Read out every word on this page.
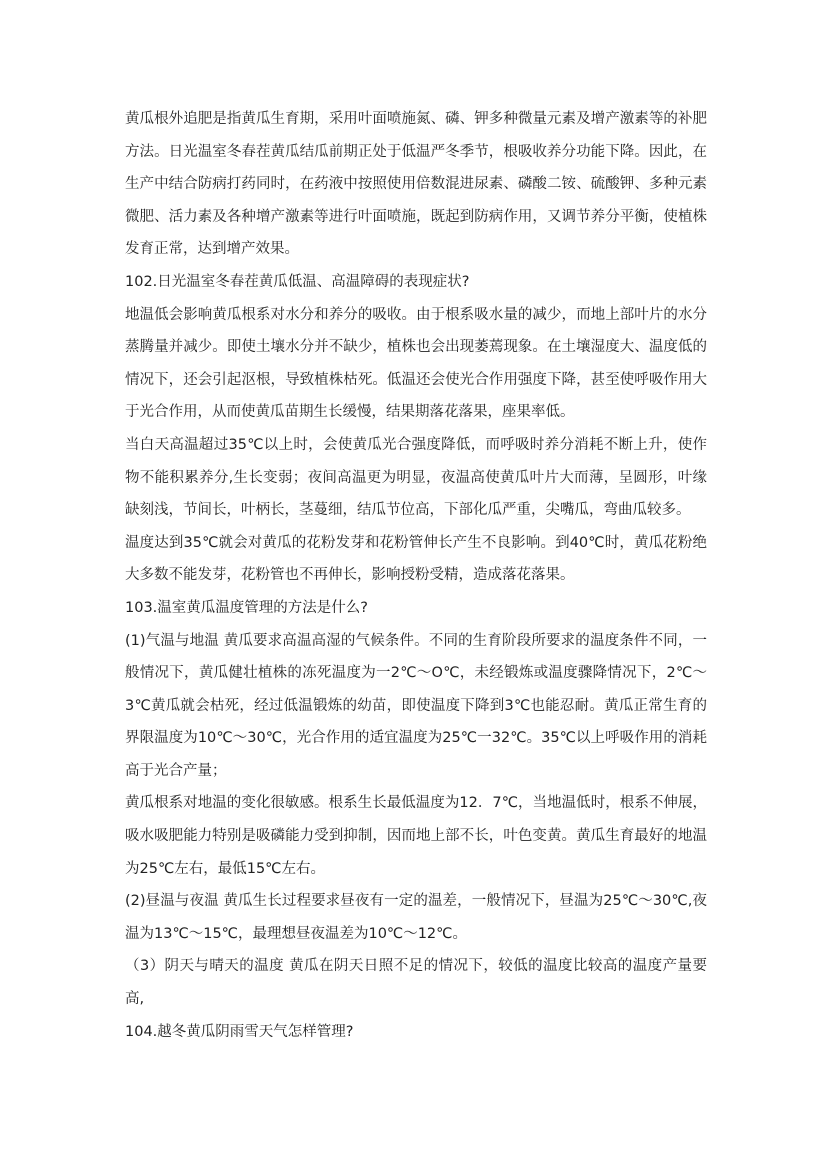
黄瓜根外追肥是指黄瓜生育期，采用叶面喷施氮、磷、钾多种微量元素及增产激素等的补肥方法。日光温室冬春茬黄瓜结瓜前期正处于低温严冬季节，根吸收养分功能下降。因此，在生产中结合防病打药同时，在药液中按照使用倍数混进尿素、磷酸二铵、硫酸钾、多种元素微肥、活力素及各种增产激素等进行叶面喷施，既起到防病作用，又调节养分平衡，使植株发育正常，达到增产效果。

102.日光温室冬春茬黄瓜低温、高温障碍的表现症状?

地温低会影响黄瓜根系对水分和养分的吸收。由于根系吸水量的减少，而地上部叶片的水分蒸腾量并减少。即使土壤水分并不缺少，植株也会出现萎蔫现象。在土壤湿度大、温度低的情况下，还会引起沤根，导致植株枯死。低温还会使光合作用强度下降，甚至使呼吸作用大于光合作用，从而使黄瓜苗期生长缓慢，结果期落花落果，座果率低。

当白天高温超过35℃以上时，会使黄瓜光合强度降低，而呼吸时养分消耗不断上升，使作物不能积累养分,生长变弱；夜间高温更为明显，夜温高使黄瓜叶片大而薄，呈圆形，叶缘缺刻浅，节间长，叶柄长，茎蔓细，结瓜节位高，下部化瓜严重，尖嘴瓜，弯曲瓜较多。

温度达到35℃就会对黄瓜的花粉发芽和花粉管伸长产生不良影响。到40℃时，黄瓜花粉绝大多数不能发芽，花粉管也不再伸长，影响授粉受精，造成落花落果。

103.温室黄瓜温度管理的方法是什么?

(1)气温与地温 黄瓜要求高温高湿的气候条件。不同的生育阶段所要求的温度条件不同，一般情况下，黄瓜健壮植株的冻死温度为一2℃～O℃，未经锻炼或温度骤降情况下，2℃～3℃黄瓜就会枯死，经过低温锻炼的幼苗，即使温度下降到3℃也能忍耐。黄瓜正常生育的界限温度为10℃～30℃，光合作用的适宜温度为25℃一32℃。35℃以上呼吸作用的消耗高于光合产量；

黄瓜根系对地温的变化很敏感。根系生长最低温度为12．7℃，当地温低时，根系不伸展，吸水吸肥能力特别是吸磷能力受到抑制，因而地上部不长，叶色变黄。黄瓜生育最好的地温为25℃左右，最低15℃左右。

(2)昼温与夜温 黄瓜生长过程要求昼夜有一定的温差，一般情况下，昼温为25℃～30℃,夜温为13℃～15℃，最理想昼夜温差为10℃～12℃。

（3）阴天与晴天的温度 黄瓜在阴天日照不足的情况下，较低的温度比较高的温度产量要高,

104.越冬黄瓜阴雨雪天气怎样管理?
